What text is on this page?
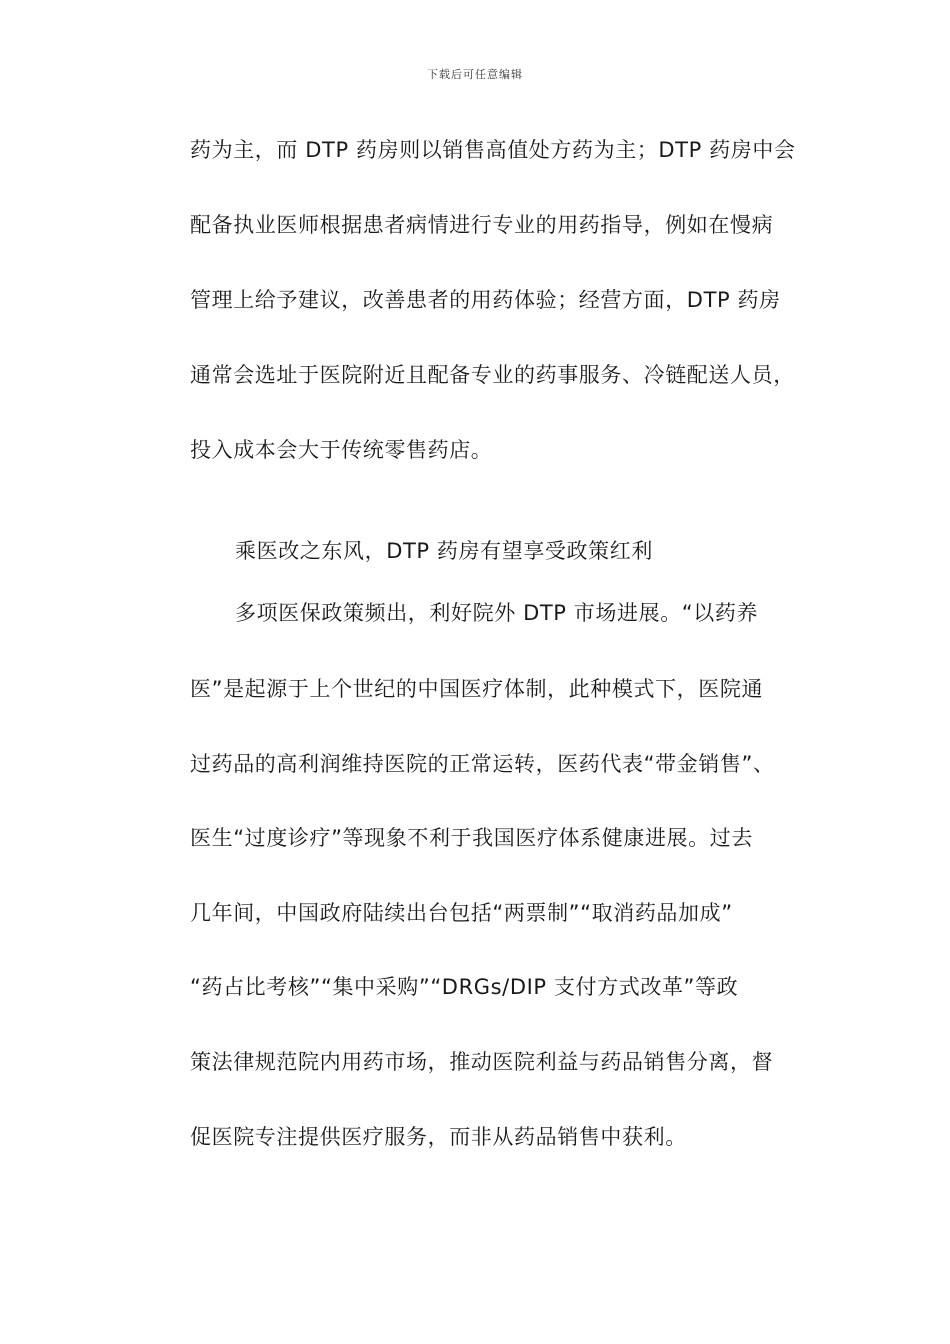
下载后可任意编辑
药为主，而 DTP 药房则以销售高值处方药为主；DTP 药房中会
配备执业医师根据患者病情进行专业的用药指导，例如在慢病
管理上给予建议，改善患者的用药体验；经营方面，DTP 药房
通常会选址于医院附近且配备专业的药事服务、冷链配送人员，
投入成本会大于传统零售药店。
乘医改之东风，DTP 药房有望享受政策红利
多项医保政策频出，利好院外 DTP 市场进展。“以药养
医”是起源于上个世纪的中国医疗体制，此种模式下，医院通
过药品的高利润维持医院的正常运转，医药代表“带金销售”、
医生“过度诊疗”等现象不利于我国医疗体系健康进展。过去
几年间，中国政府陆续出台包括“两票制”“取消药品加成”
“药占比考核”“集中采购”“DRGs/DIP 支付方式改革”等政
策法律规范院内用药市场，推动医院利益与药品销售分离，督
促医院专注提供医疗服务，而非从药品销售中获利。
